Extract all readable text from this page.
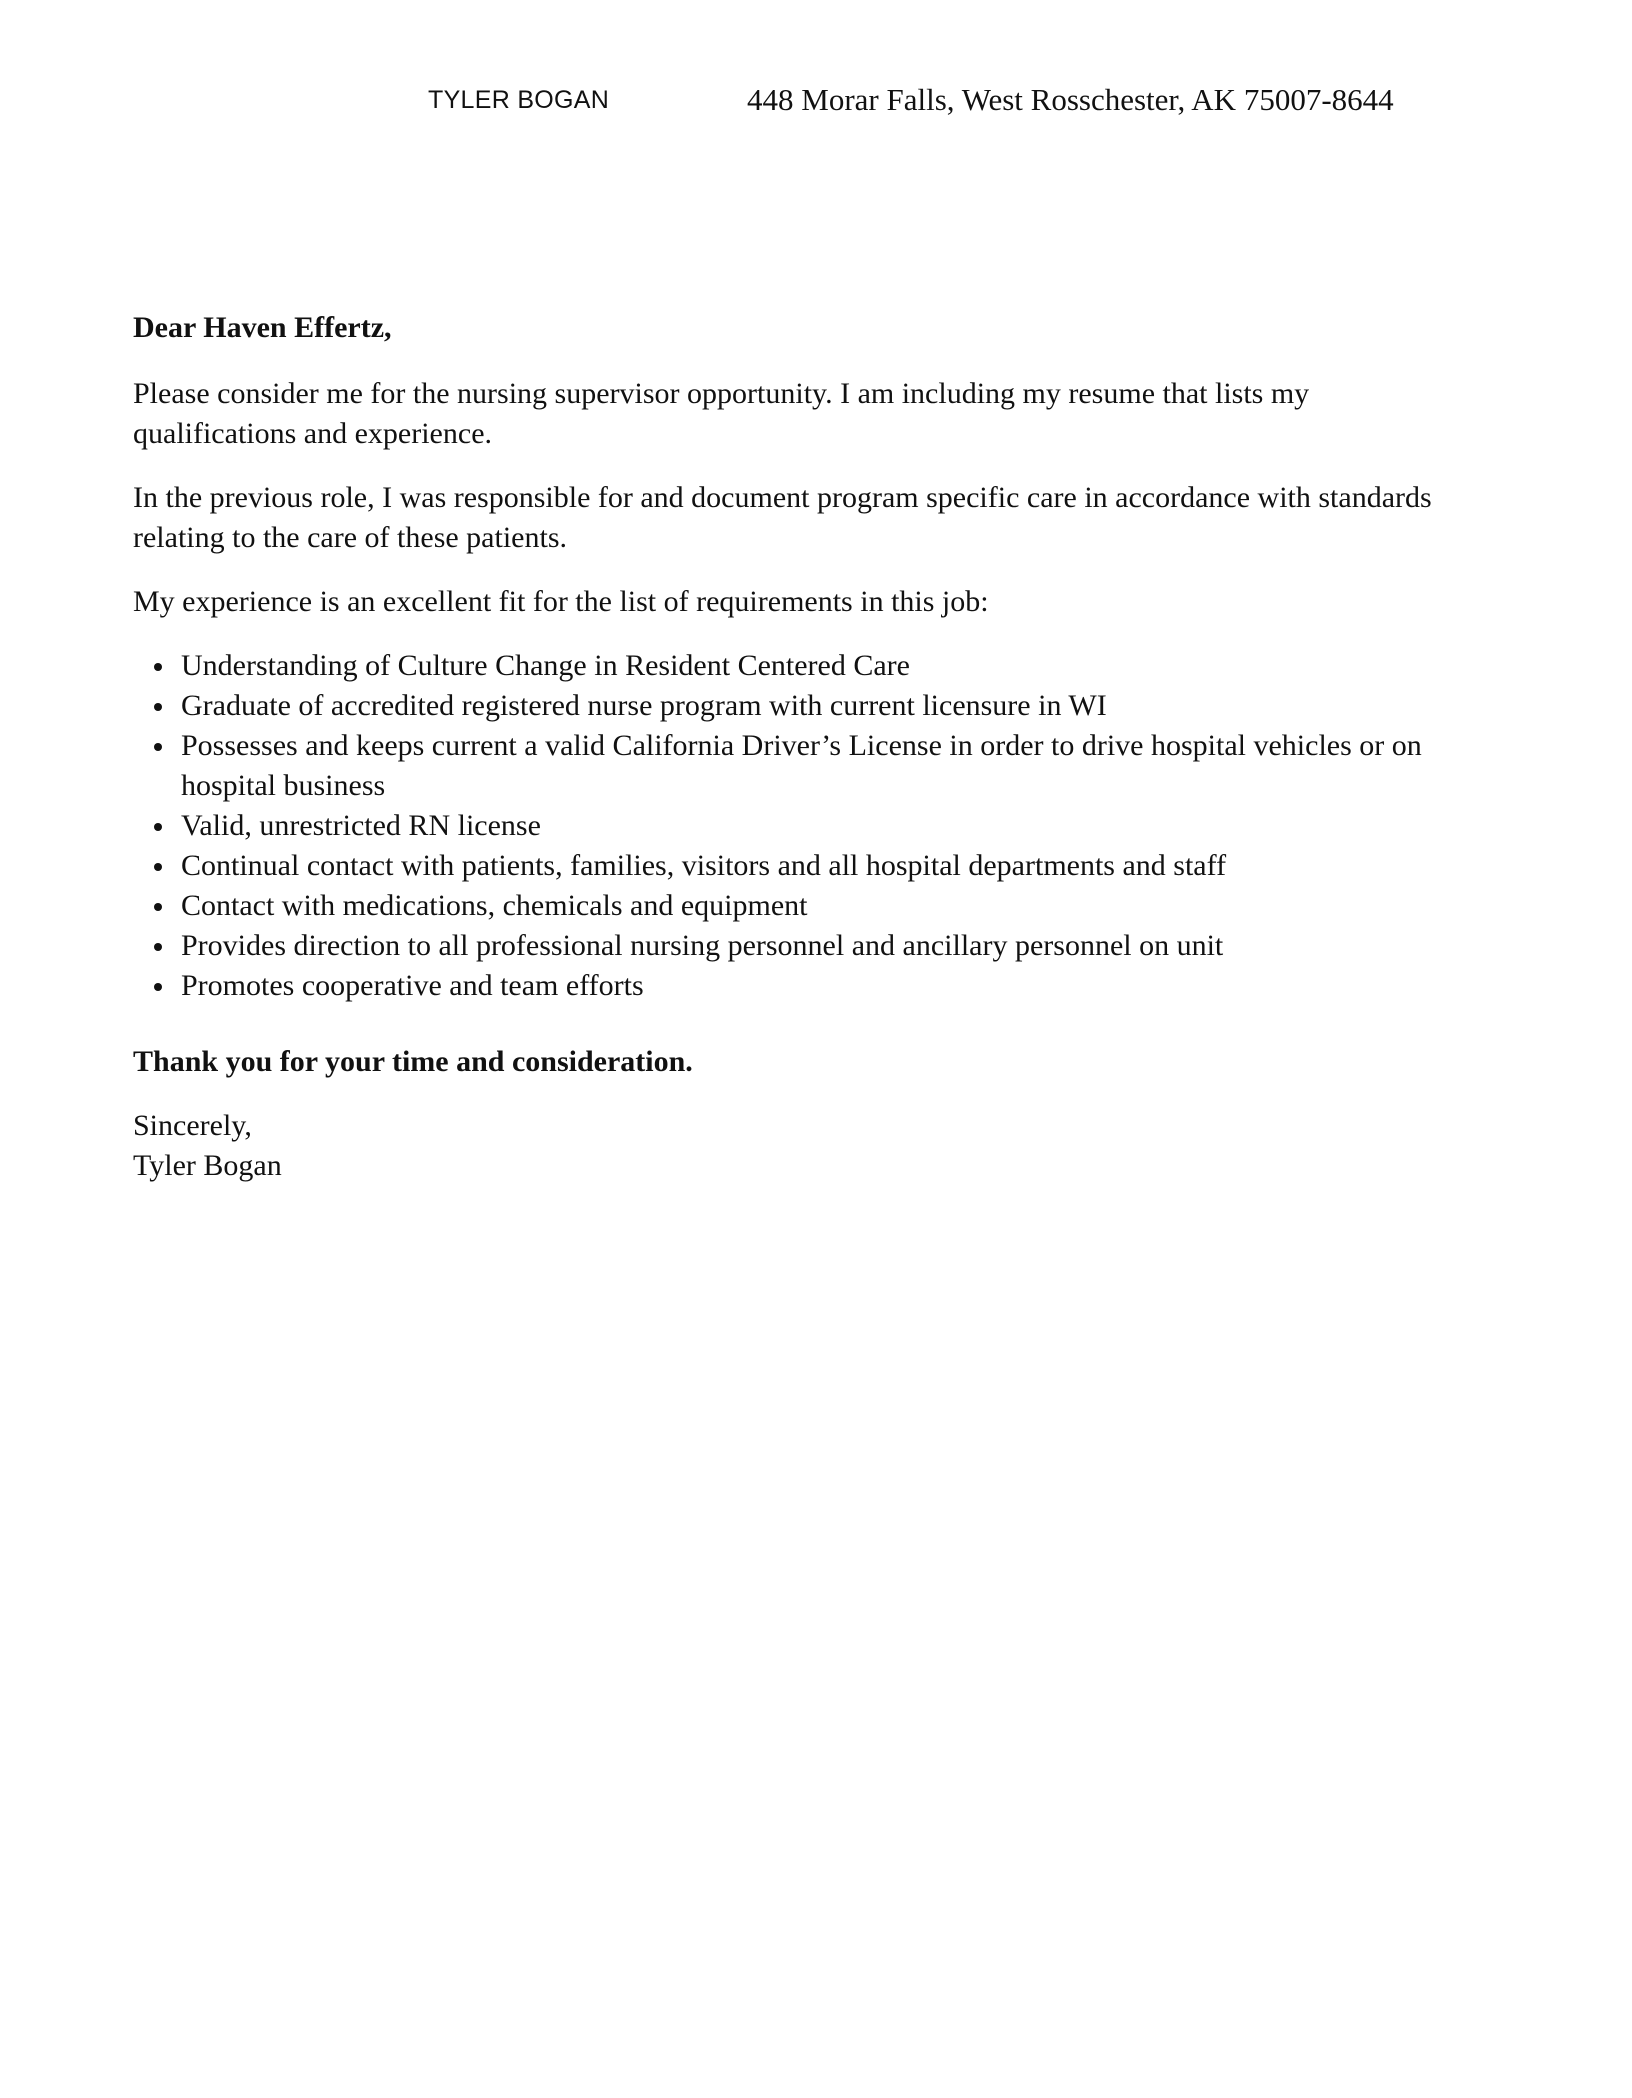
TYLER BOGAN	448 Morar Falls, West Rosschester, AK 75007-8644

Dear Haven Effertz,

Please consider me for the nursing supervisor opportunity. I am including my resume that lists my qualifications and experience.

In the previous role, I was responsible for and document program specific care in accordance with standards relating to the care of these patients.

My experience is an excellent fit for the list of requirements in this job:

Understanding of Culture Change in Resident Centered Care
Graduate of accredited registered nurse program with current licensure in WI
Possesses and keeps current a valid California Driver’s License in order to drive hospital vehicles or on hospital business
Valid, unrestricted RN license
Continual contact with patients, families, visitors and all hospital departments and staff
Contact with medications, chemicals and equipment
Provides direction to all professional nursing personnel and ancillary personnel on unit
Promotes cooperative and team efforts

Thank you for your time and consideration.

Sincerely,
Tyler Bogan
